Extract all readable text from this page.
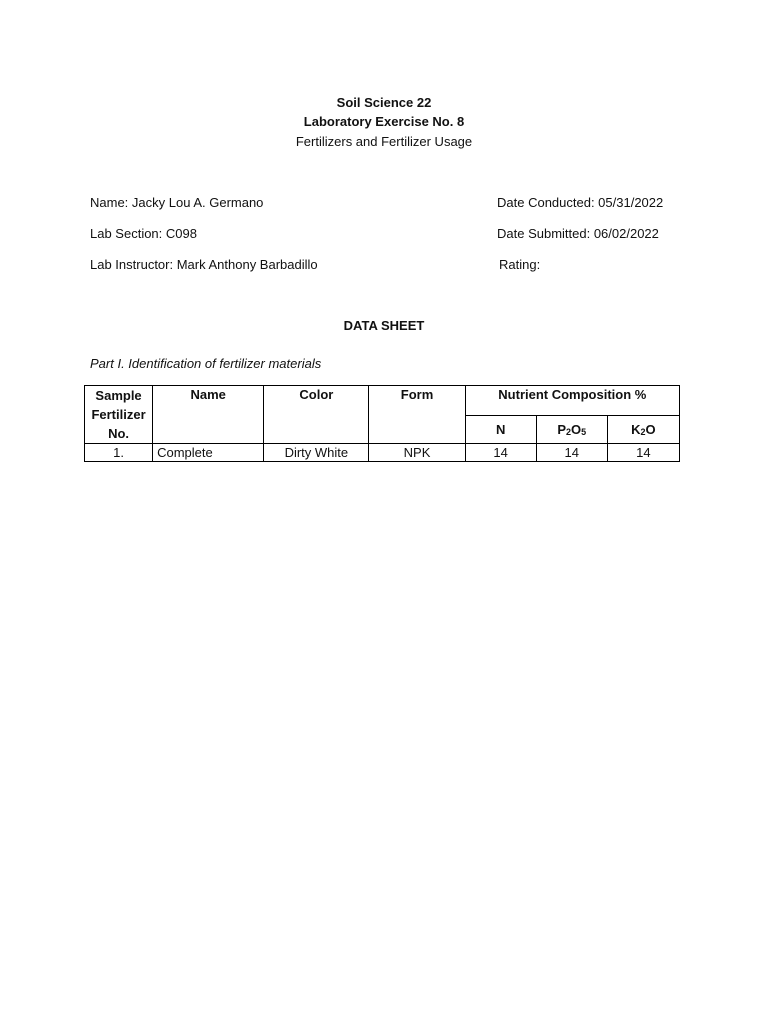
Soil Science 22
Laboratory Exercise No. 8
Fertilizers and Fertilizer Usage
Name: Jacky Lou A. Germano	Date Conducted: 05/31/2022
Lab Section: C098	Date Submitted: 06/02/2022
Lab Instructor: Mark Anthony Barbadillo	Rating:
DATA SHEET
Part I. Identification of fertilizer materials
Sample
Fertilizer
No.	Name	Color	Form	Nutrient Composition %		
				N	$P_2O_5$	$K_2O$
1.	Complete	Dirty White	NPK	14	14	14
